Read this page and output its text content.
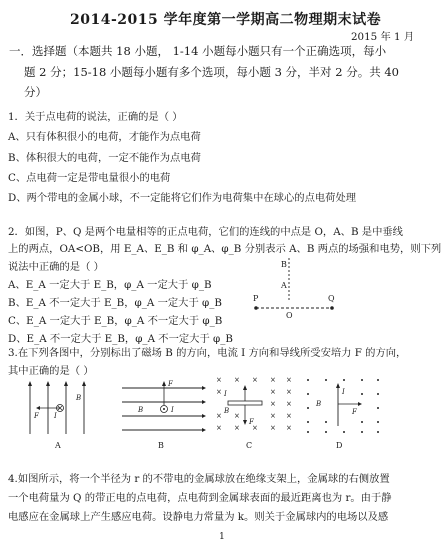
2014-2015 学年度第一学期高二物理期末试卷
2015 年 1 月
一．选择题（本题共 18 小题， 1-14 小题每小题只有一个正确选项，每小
题 2 分；15-18 小题每小题有多个选项，每小题 3 分，半对 2 分。共 40
分）
1．关于点电荷的说法，正确的是（ ）
A、只有体积很小的电荷，才能作为点电荷
B、体积很大的电荷，一定不能作为点电荷
C、点电荷一定是带电量很小的电荷
D、两个带电的金属小球，不一定能将它们作为电荷集中在球心的点电荷处理
2．如图，P、Q 是两个电量相等的正点电荷，它们的连线的中点是 O，A、B 是中垂线
上的两点，OA<OB，用 E_A、E_B 和 φ_A、φ_B 分别表示 A、B 两点的场强和电势，则下列
说法中正确的是（ ）
A、E_A 一定大于 E_B，φ_A 一定大于 φ_B
B、E_A 不一定大于 E_B，φ_A 一定大于 φ_B
C、E_A 一定大于 E_B，φ_A 不一定大于 φ_B
D、E_A 不一定大于 E_B，φ_A 不一定大于 φ_B
B
A
P	Q
O
3.在下列各图中，分别标出了磁场 B 的方向，电流 I 方向和导线所受安培力 F 的方向，
其中正确的是（ ）
B
F I
A
F
B	I
B
× × × × ×
×	× ×
× ×
× ×	× ×
× × × × ×
I
B
F
C
I
B
F
D
4.如图所示，将一个半径为 r 的不带电的金属球放在绝缘支架上，金属球的右侧放置
一个电荷量为 Q 的带正电的点电荷，点电荷到金属球表面的最近距离也为 r。由于静
电感应在金属球上产生感应电荷。设静电力常量为 k。则关于金属球内的电场以及感
1
